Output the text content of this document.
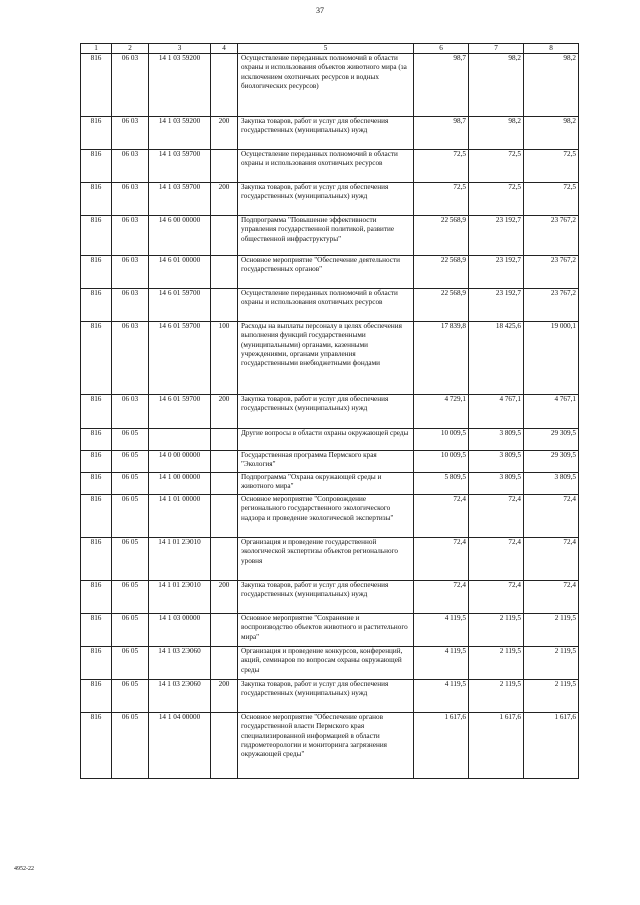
37
1	2	3	4	5	6	7	8
816	06 03	14 1 03 59200		Осуществление переданных полномочий в области охраны и использования объектов животного мира (за исключением охотничьих ресурсов и водных биологических ресурсов)	98,7	98,2	98,2
816	06 03	14 1 03 59200	200	Закупка товаров, работ и услуг для обеспечения государственных (муниципальных) нужд	98,7	98,2	98,2
816	06 03	14 1 03 59700		Осуществление переданных полномочий в области охраны и использования охотничьих ресурсов	72,5	72,5	72,5
816	06 03	14 1 03 59700	200	Закупка товаров, работ и услуг для обеспечения государственных (муниципальных) нужд	72,5	72,5	72,5
816	06 03	14 6 00 00000		Подпрограмма "Повышение эффективности управления государственной политикой, развитие общественной инфраструктуры"	22 568,9	23 192,7	23 767,2
816	06 03	14 6 01 00000		Основное мероприятие "Обеспечение деятельности государственных органов"	22 568,9	23 192,7	23 767,2
816	06 03	14 6 01 59700		Осуществление переданных полномочий в области охраны и использования охотничьих ресурсов	22 568,9	23 192,7	23 767,2
816	06 03	14 6 01 59700	100	Расходы на выплаты персоналу в целях обеспечения выполнения функций государственными (муниципальными) органами, казенными учреждениями, органами управления государственными внебюджетными фондами	17 839,8	18 425,6	19 000,1
816	06 03	14 6 01 59700	200	Закупка товаров, работ и услуг для обеспечения государственных (муниципальных) нужд	4 729,1	4 767,1	4 767,1
816	06 05			Другие вопросы в области охраны окружающей среды	10 009,5	3 809,5	29 309,5
816	06 05	14 0 00 00000		Государственная программа Пермского края "Экология"	10 009,5	3 809,5	29 309,5
816	06 05	14 1 00 00000		Подпрограмма "Охрана окружающей среды и животного мира"	5 809,5	3 809,5	3 809,5
816	06 05	14 1 01 00000		Основное мероприятие "Сопровождение регионального государственного экологического надзора и проведение экологической экспертизы"	72,4	72,4	72,4
816	06 05	14 1 01 2Э010		Организация и проведение государственной экологической экспертизы объектов регионального уровня	72,4	72,4	72,4
816	06 05	14 1 01 2Э010	200	Закупка товаров, работ и услуг для обеспечения государственных (муниципальных) нужд	72,4	72,4	72,4
816	06 05	14 1 03 00000		Основное мероприятие "Сохранение и воспроизводство объектов животного и растительного мира"	4 119,5	2 119,5	2 119,5
816	06 05	14 1 03 2Э060		Организация и проведение конкурсов, конференций, акций, семинаров по вопросам охраны окружающей среды	4 119,5	2 119,5	2 119,5
816	06 05	14 1 03 2Э060	200	Закупка товаров, работ и услуг для обеспечения государственных (муниципальных) нужд	4 119,5	2 119,5	2 119,5
816	06 05	14 1 04 00000		Основное мероприятие "Обеспечение органов государственной власти Пермского края специализированной информацией в области гидрометеорологии и мониторинга загрязнения окружающей среды"	1 617,6	1 617,6	1 617,6
4952-22
